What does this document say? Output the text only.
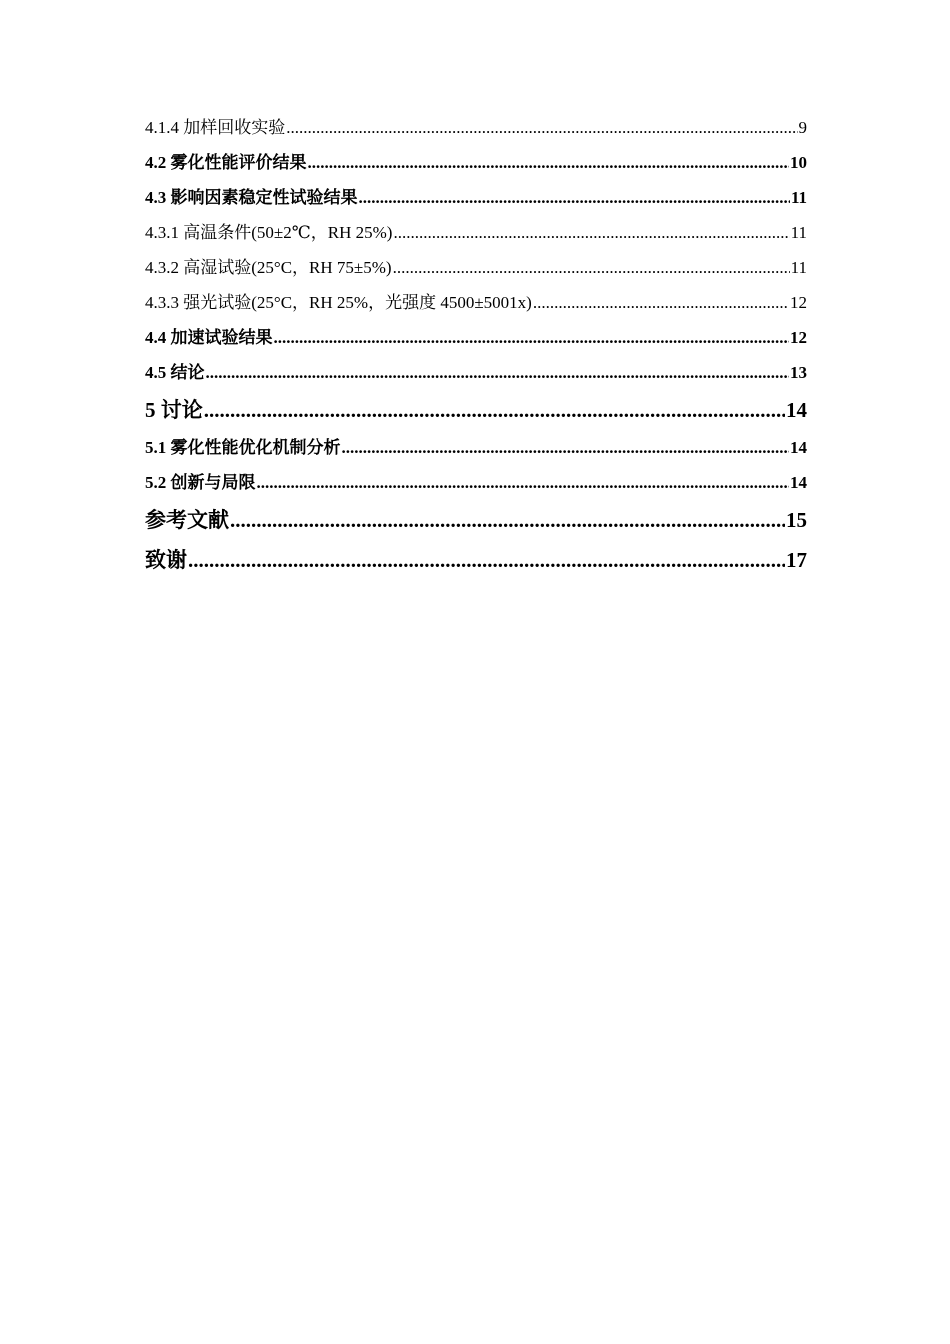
4.1.4 加样回收实验 .....	9
4.2 雾化性能评价结果 .....	10
4.3 影响因素稳定性试验结果 .....	11
4.3.1 高温条件(50±2℃，RH 25%) .....	11
4.3.2 高湿试验(25°C，RH 75±5%) .....	11
4.3.3 强光试验(25°C，RH 25%，光强度 4500±5001x) .....	12
4.4 加速试验结果 .....	12
4.5 结论 .....	13
5 讨论 .....	14
5.1 雾化性能优化机制分析 .....	14
5.2 创新与局限 .....	14
参考文献 .....	15
致谢 .....	17
